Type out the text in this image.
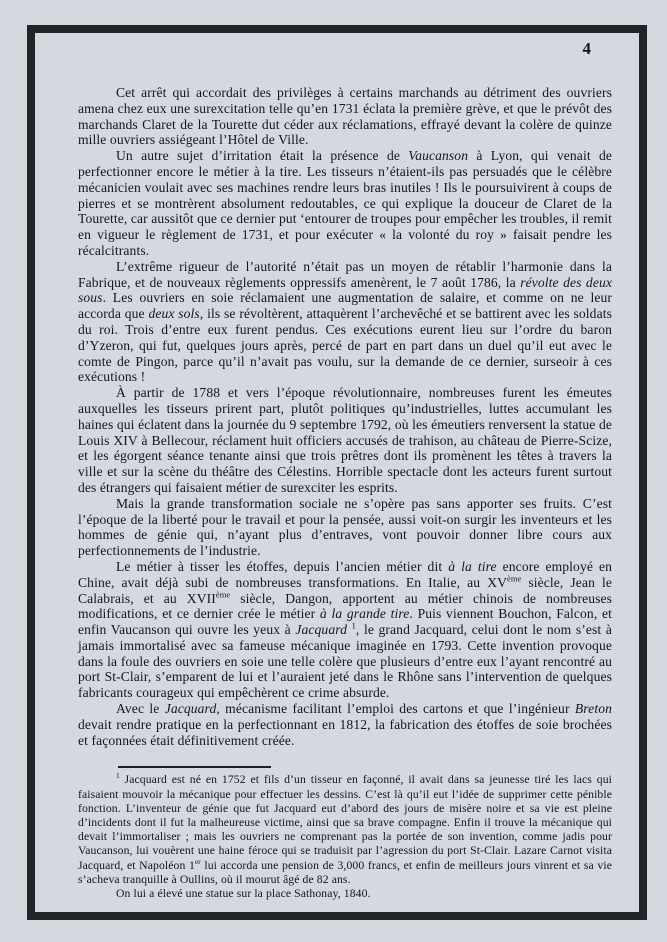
4

Cet arrêt qui accordait des privilèges à certains marchands au détriment des ouvriers amena chez eux une surexcitation telle qu’en 1731 éclata la première grève, et que le prévôt des marchands Claret de la Tourette dut céder aux réclamations, effrayé devant la colère de quinze mille ouvriers assiégeant l’Hôtel de Ville.

Un autre sujet d’irritation était la présence de Vaucanson à Lyon, qui venait de perfectionner encore le métier à la tire. Les tisseurs n’étaient-ils pas persuadés que le célèbre mécanicien voulait avec ses machines rendre leurs bras inutiles ! Ils le poursuivirent à coups de pierres et se montrèrent absolument redoutables, ce qui explique la douceur de Claret de la Tourette, car aussitôt que ce dernier put ‘entourer de troupes pour empêcher les troubles, il remit en vigueur le règlement de 1731, et pour exécuter « la volonté du roy » faisait pendre les récalcitrants.

L’extrême rigueur de l’autorité n’était pas un moyen de rétablir l’harmonie dans la Fabrique, et de nouveaux règlements oppressifs amenèrent, le 7 août 1786, la révolte des deux sous. Les ouvriers en soie réclamaient une augmentation de salaire, et comme on ne leur accorda que deux sols, ils se révoltèrent, attaquèrent l’archevêché et se battirent avec les soldats du roi. Trois d’entre eux furent pendus. Ces exécutions eurent lieu sur l’ordre du baron d’Yzeron, qui fut, quelques jours après, percé de part en part dans un duel qu’il eut avec le comte de Pingon, parce qu’il n’avait pas voulu, sur la demande de ce dernier, surseoir à ces exécutions !

À partir de 1788 et vers l’époque révolutionnaire, nombreuses furent les émeutes auxquelles les tisseurs prirent part, plutôt politiques qu’industrielles, luttes accumulant les haines qui éclatent dans la journée du 9 septembre 1792, où les émeutiers renversent la statue de Louis XIV à Bellecour, réclament huit officiers accusés de trahison, au château de Pierre-Scize, et les égorgent séance tenante ainsi que trois prêtres dont ils promènent les têtes à travers la ville et sur la scène du théâtre des Célestins. Horrible spectacle dont les acteurs furent surtout des étrangers qui faisaient métier de surexciter les esprits.

Mais la grande transformation sociale ne s’opère pas sans apporter ses fruits. C’est l’époque de la liberté pour le travail et pour la pensée, aussi voit-on surgir les inventeurs et les hommes de génie qui, n’ayant plus d’entraves, vont pouvoir donner libre cours aux perfectionnements de l’industrie.

Le métier à tisser les étoffes, depuis l’ancien métier dit à la tire encore employé en Chine, avait déjà subi de nombreuses transformations. En Italie, au XVème siècle, Jean le Calabrais, et au XVIIème siècle, Dangon, apportent au métier chinois de nombreuses modifications, et ce dernier crée le métier à la grande tire. Puis viennent Bouchon, Falcon, et enfin Vaucanson qui ouvre les yeux à Jacquard $^1$, le grand Jacquard, celui dont le nom s’est à jamais immortalisé avec sa fameuse mécanique imaginée en 1793. Cette invention provoque dans la foule des ouvriers en soie une telle colère que plusieurs d’entre eux l’ayant rencontré au port St-Clair, s’emparent de lui et l’auraient jeté dans le Rhône sans l’intervention de quelques fabricants courageux qui empêchèrent ce crime absurde.

Avec le Jacquard, mécanisme facilitant l’emploi des cartons et que l’ingénieur Breton devait rendre pratique en la perfectionnant en 1812, la fabrication des étoffes de soie brochées et façonnées était définitivement créée.

$^1$ Jacquard est né en 1752 et fils d’un tisseur en façonné, il avait dans sa jeunesse tiré les lacs qui faisaient mouvoir la mécanique pour effectuer les dessins. C’est là qu’il eut l’idée de supprimer cette pénible fonction. L’inventeur de génie que fut Jacquard eut d’abord des jours de misère noire et sa vie est pleine d’incidents dont il fut la malheureuse victime, ainsi que sa brave compagne. Enfin il trouve la mécanique qui devait l’immortaliser ; mais les ouvriers ne comprenant pas la portée de son invention, comme jadis pour Vaucanson, lui vouèrent une haine féroce qui se traduisit par l’agression du port St-Clair. Lazare Carnot visita Jacquard, et Napoléon 1er lui accorda une pension de 3,000 francs, et enfin de meilleurs jours vinrent et sa vie s’acheva tranquille à Oullins, où il mourut âgé de 82 ans.

On lui a élevé une statue sur la place Sathonay, 1840.
